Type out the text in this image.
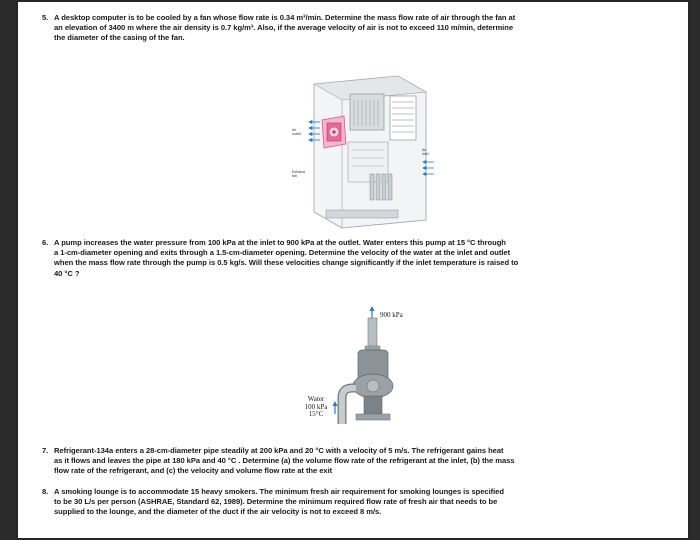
5. A desktop computer is to be cooled by a fan whose flow rate is 0.34 m³/min. Determine the mass flow rate of air through the fan at

an elevation of 3400 m where the air density is 0.7 kg/m³. Also, if the average velocity of air is not to exceed 110 m/min, determine

the diameter of the casing of the fan.

Air
outlet
Exhaust
fan
Air
inlet
6. A pump increases the water pressure from 100 kPa at the inlet to 900 kPa at the outlet. Water enters this pump at 15 °C through

a 1-cm-diameter opening and exits through a 1.5-cm-diameter opening. Determine the velocity of the water at the inlet and outlet

when the mass flow rate through the pump is 0.5 kg/s. Will these velocities change significantly if the inlet temperature is raised to

40 °C ?

900 kPa
Water
100 kPa
15°C
7. Refrigerant-134a enters a 28-cm-diameter pipe steadily at 200 kPa and 20 °C with a velocity of 5 m/s. The refrigerant gains heat

as it flows and leaves the pipe at 180 kPa and 40 °C . Determine (a) the volume flow rate of the refrigerant at the inlet, (b) the mass

flow rate of the refrigerant, and (c) the velocity and volume flow rate at the exit

8. A smoking lounge is to accommodate 15 heavy smokers. The minimum fresh air requirement for smoking lounges is specified

to be 30 L/s per person (ASHRAE, Standard 62, 1989). Determine the minimum required flow rate of fresh air that needs to be

supplied to the lounge, and the diameter of the duct if the air velocity is not to exceed 8 m/s.
